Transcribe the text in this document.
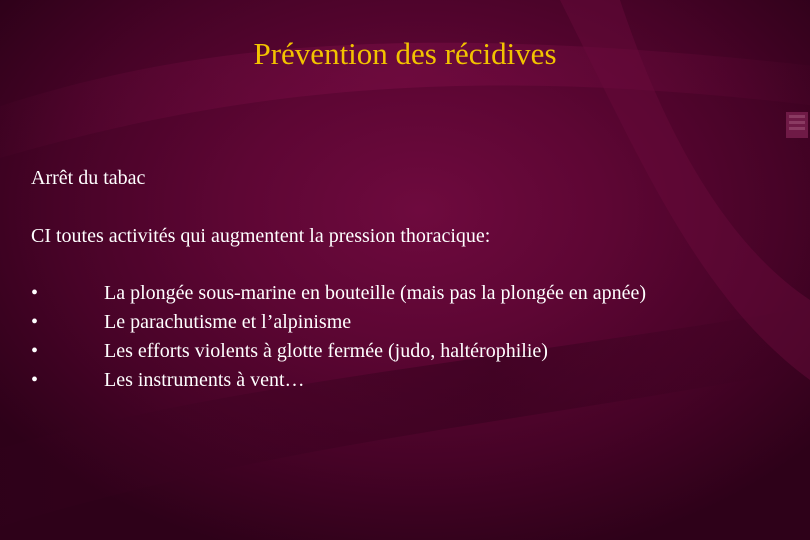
Prévention des récidives
Arrêt du tabac
CI toutes activités qui augmentent la pression thoracique:
•	La plongée sous-marine en bouteille (mais pas la plongée en apnée)
•	Le parachutisme et l’alpinisme
•	Les efforts violents à glotte fermée (judo, haltérophilie)
•	Les instruments à vent…
